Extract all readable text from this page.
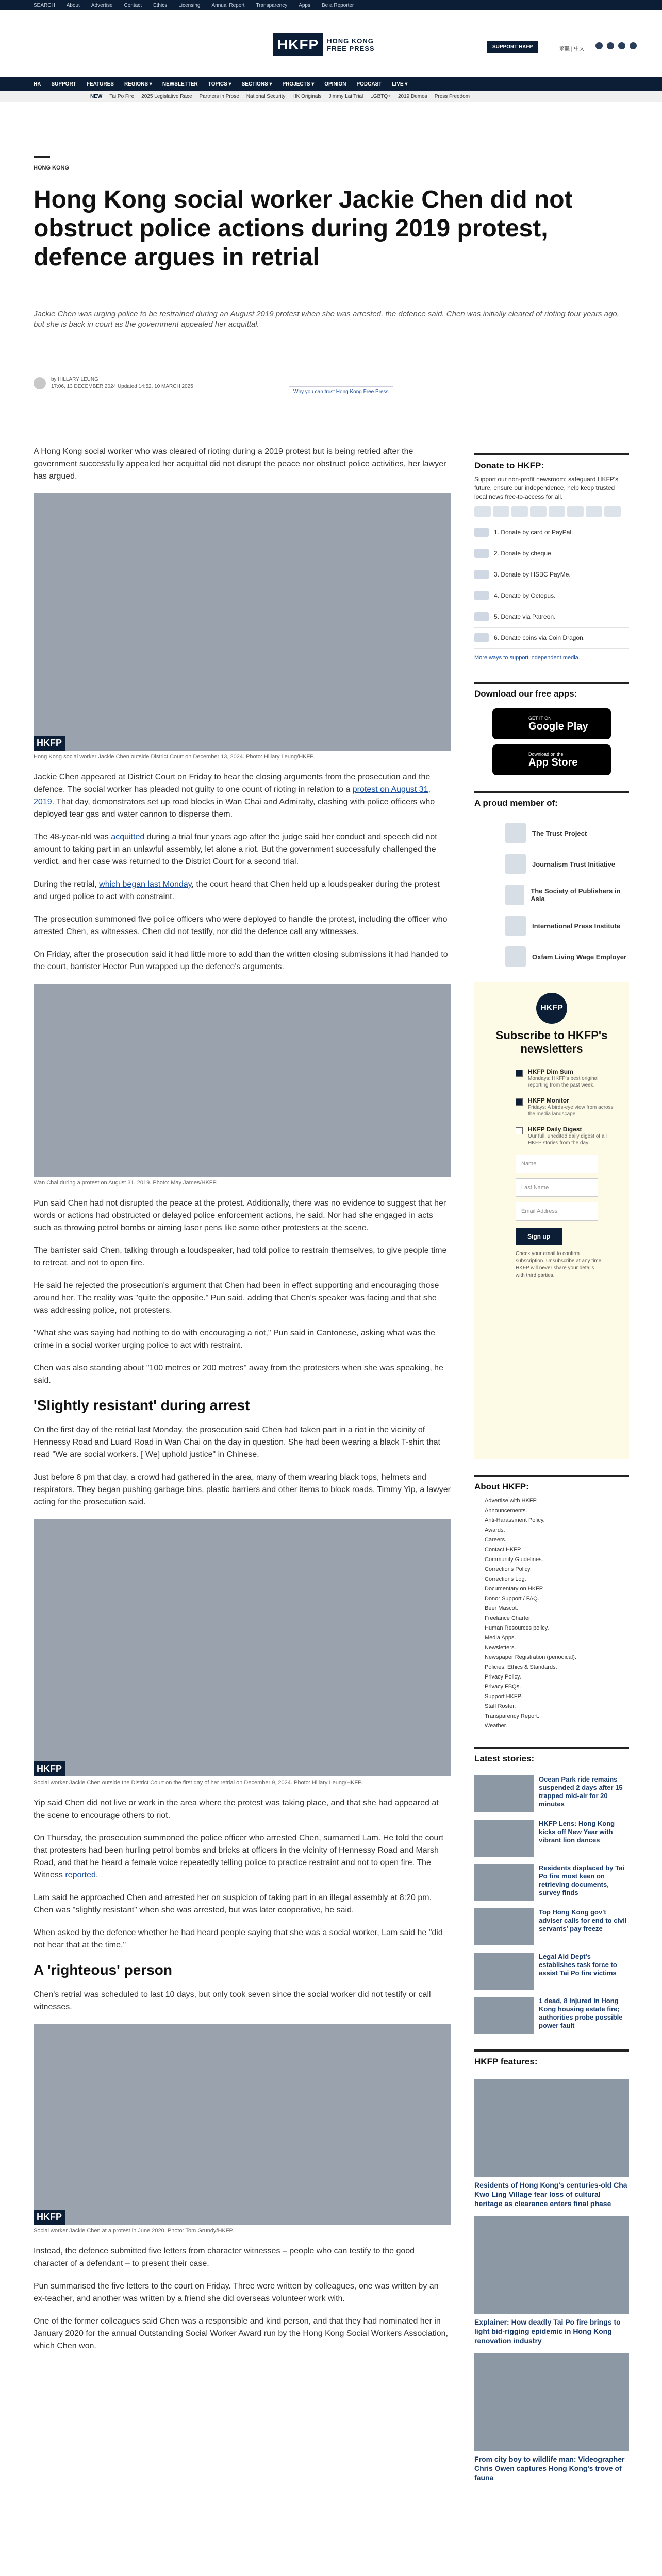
SEARCH About Advertise Contact Ethics Licensing Annual Report Transparency Apps Be a Reporter
HKFP	HONG KONG
FREE PRESS	SUPPORT HKFP	繁體 | 中文
HK SUPPORT FEATURES REGIONS ▾ NEWSLETTER TOPICS ▾ SECTIONS ▾ PROJECTS ▾ OPINION PODCAST LIVE ▾
NEW Tai Po Fire 2025 Legislative Race Partners in Prose National Security HK Originals Jimmy Lai Trial LGBTQ+ 2019 Demos Press Freedom
HONG KONG
Hong Kong social worker Jackie Chen did not obstruct police actions during 2019 protest, defence argues in retrial
Jackie Chen was urging police to be restrained during an August 2019 protest when she was arrested, the defence said. Chen was initially cleared of rioting four years ago, but she is back in court as the government appealed her acquittal.
by HILLARY LEUNG
17:06, 13 DECEMBER 2024 Updated 14:52, 10 MARCH 2025
Why you can trust Hong Kong Free Press

A Hong Kong social worker who was cleared of rioting during a 2019 protest but is being retried after the government successfully appealed her acquittal did not disrupt the peace nor obstruct police activities, her lawyer has argued.

HKFP
Hong Kong social worker Jackie Chen outside District Court on December 13, 2024. Photo: Hillary Leung/HKFP.

Jackie Chen appeared at District Court on Friday to hear the closing arguments from the prosecution and the defence. The social worker has pleaded not guilty to one count of rioting in relation to a protest on August 31, 2019. That day, demonstrators set up road blocks in Wan Chai and Admiralty, clashing with police officers who deployed tear gas and water cannon to disperse them.

The 48-year-old was acquitted during a trial four years ago after the judge said her conduct and speech did not amount to taking part in an unlawful assembly, let alone a riot. But the government successfully challenged the verdict, and her case was returned to the District Court for a second trial.

During the retrial, which began last Monday, the court heard that Chen held up a loudspeaker during the protest and urged police to act with constraint.

The prosecution summoned five police officers who were deployed to handle the protest, including the officer who arrested Chen, as witnesses. Chen did not testify, nor did the defence call any witnesses.

On Friday, after the prosecution said it had little more to add than the written closing submissions it had handed to the court, barrister Hector Pun wrapped up the defence's arguments.

Wan Chai during a protest on August 31, 2019. Photo: May James/HKFP.

Pun said Chen had not disrupted the peace at the protest. Additionally, there was no evidence to suggest that her words or actions had obstructed or delayed police enforcement actions, he said. Nor had she engaged in acts such as throwing petrol bombs or aiming laser pens like some other protesters at the scene.

The barrister said Chen, talking through a loudspeaker, had told police to restrain themselves, to give people time to retreat, and not to open fire.

He said he rejected the prosecution's argument that Chen had been in effect supporting and encouraging those around her. The reality was "quite the opposite." Pun said, adding that Chen's speaker was facing and that she was addressing police, not protesters.

"What she was saying had nothing to do with encouraging a riot," Pun said in Cantonese, asking what was the crime in a social worker urging police to act with restraint.

Chen was also standing about "100 metres or 200 metres" away from the protesters when she was speaking, he said.

'Slightly resistant' during arrest

On the first day of the retrial last Monday, the prosecution said Chen had taken part in a riot in the vicinity of Hennessy Road and Luard Road in Wan Chai on the day in question. She had been wearing a black T-shirt that read "We are social workers. [ We] uphold justice" in Chinese.

Just before 8 pm that day, a crowd had gathered in the area, many of them wearing black tops, helmets and respirators. They began pushing garbage bins, plastic barriers and other items to block roads, Timmy Yip, a lawyer acting for the prosecution said.

HKFP
Social worker Jackie Chen outside the District Court on the first day of her retrial on December 9, 2024. Photo: Hillary Leung/HKFP.

Yip said Chen did not live or work in the area where the protest was taking place, and that she had appeared at the scene to encourage others to riot.

On Thursday, the prosecution summoned the police officer who arrested Chen, surnamed Lam. He told the court that protesters had been hurling petrol bombs and bricks at officers in the vicinity of Hennessy Road and Marsh Road, and that he heard a female voice repeatedly telling police to practice restraint and not to open fire. The Witness reported.

Lam said he approached Chen and arrested her on suspicion of taking part in an illegal assembly at 8:20 pm. Chen was "slightly resistant" when she was arrested, but was later cooperative, he said.

When asked by the defence whether he had heard people saying that she was a social worker, Lam said he "did not hear that at the time."

A 'righteous' person

Chen's retrial was scheduled to last 10 days, but only took seven since the social worker did not testify or call witnesses.

HKFP
Social worker Jackie Chen at a protest in June 2020. Photo: Tom Grundy/HKFP.

Instead, the defence submitted five letters from character witnesses – people who can testify to the good character of a defendant – to present their case.

Pun summarised the five letters to the court on Friday. Three were written by colleagues, one was written by an ex-teacher, and another was written by a friend she did overseas volunteer work with.

One of the former colleagues said Chen was a responsible and kind person, and that they had nominated her in January 2020 for the annual Outstanding Social Worker Award run by the Hong Kong Social Workers Association, which Chen won.

Donate to HKFP:
Support our non-profit newsroom: safeguard HKFP's future, ensure our independence, help keep trusted local news free-to-access for all.
1. Donate by card or PayPal.
2. Donate by cheque.
3. Donate by HSBC PayMe.
4. Donate by Octopus.
5. Donate via Patreon.
6. Donate coins via Coin Dragon.
More ways to support independent media.
Download our free apps:
GET IT ON
Google Play
Download on the
App Store
A proud member of:
The Trust Project
Journalism Trust Initiative
The Society of Publishers in Asia
International Press Institute
Oxfam Living Wage Employer
HKFP
Subscribe to HKFP's newsletters
HKFP Dim Sum
Mondays: HKFP's best original reporting from the past week.
HKFP Monitor
Fridays: A birds-eye view from across the media landscape.
HKFP Daily Digest
Our full, unedited daily digest of all HKFP stories from the day.
Name
Last Name
Email Address
Sign up
Check your email to confirm subscription. Unsubscribe at any time. HKFP will never share your details with third parties.
About HKFP:
Advertise with HKFP.
Announcements.
Anti-Harassment Policy.
Awards.
Careers.
Contact HKFP.
Community Guidelines.
Corrections Policy.
Corrections Log.
Documentary on HKFP.
Donor Support / FAQ.
Beer Mascot.
Freelance Charter.
Human Resources policy.
Media Apps.
Newsletters.
Newspaper Registration (periodical).
Policies, Ethics & Standards.
Privacy Policy.
Privacy FBQs.
Support HKFP.
Staff Roster.
Transparency Report.
Weather.
Latest stories:
Ocean Park ride remains suspended 2 days after 15 trapped mid-air for 20 minutes
HKFP Lens: Hong Kong kicks off New Year with vibrant lion dances
Residents displaced by Tai Po fire most keen on retrieving documents, survey finds
Top Hong Kong gov't adviser calls for end to civil servants' pay freeze
Legal Aid Dept's establishes task force to assist Tai Po fire victims
1 dead, 8 injured in Hong Kong housing estate fire; authorities probe possible power fault
HKFP features:
Residents of Hong Kong's centuries-old Cha Kwo Ling Village fear loss of cultural heritage as clearance enters final phase
Explainer: How deadly Tai Po fire brings to light bid-rigging epidemic in Hong Kong renovation industry
From city boy to wildlife man: Videographer Chris Owen captures Hong Kong's trove of fauna
